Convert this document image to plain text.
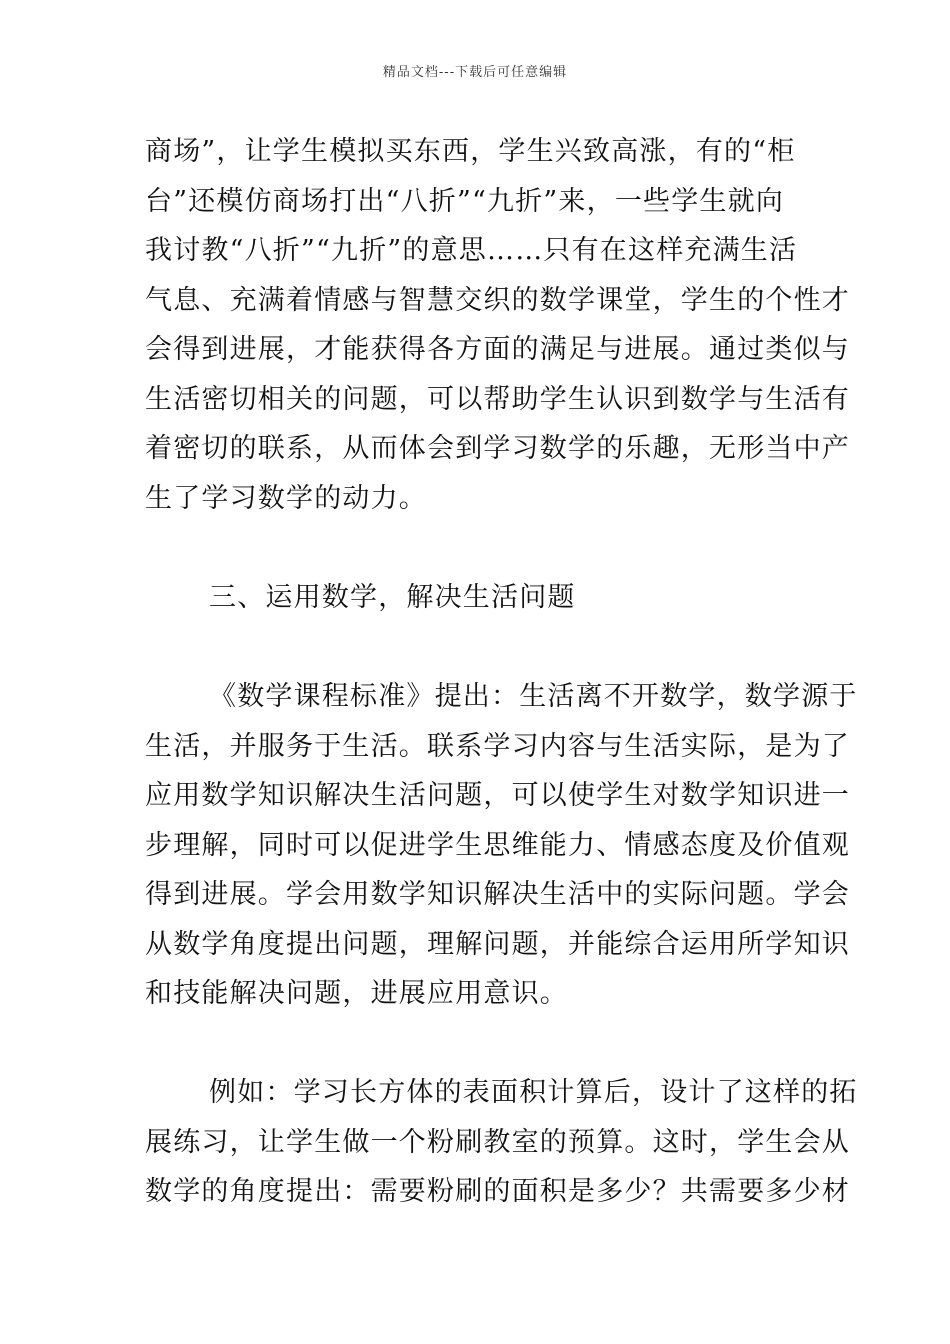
精品文档---下载后可任意编辑
商场”，让学生模拟买东西，学生兴致高涨，有的“柜
台”还模仿商场打出“八折”“九折”来，一些学生就向
我讨教“八折”“九折”的意思……只有在这样充满生活
气息、充满着情感与智慧交织的数学课堂，学生的个性才
会得到进展，才能获得各方面的满足与进展。通过类似与
生活密切相关的问题，可以帮助学生认识到数学与生活有
着密切的联系，从而体会到学习数学的乐趣，无形当中产
生了学习数学的动力。
三、运用数学，解决生活问题
《数学课程标准》提出：生活离不开数学，数学源于
生活，并服务于生活。联系学习内容与生活实际，是为了
应用数学知识解决生活问题，可以使学生对数学知识进一
步理解，同时可以促进学生思维能力、情感态度及价值观
得到进展。学会用数学知识解决生活中的实际问题。学会
从数学角度提出问题，理解问题，并能综合运用所学知识
和技能解决问题，进展应用意识。
例如：学习长方体的表面积计算后，设计了这样的拓
展练习，让学生做一个粉刷教室的预算。这时，学生会从
数学的角度提出：需要粉刷的面积是多少？共需要多少材
